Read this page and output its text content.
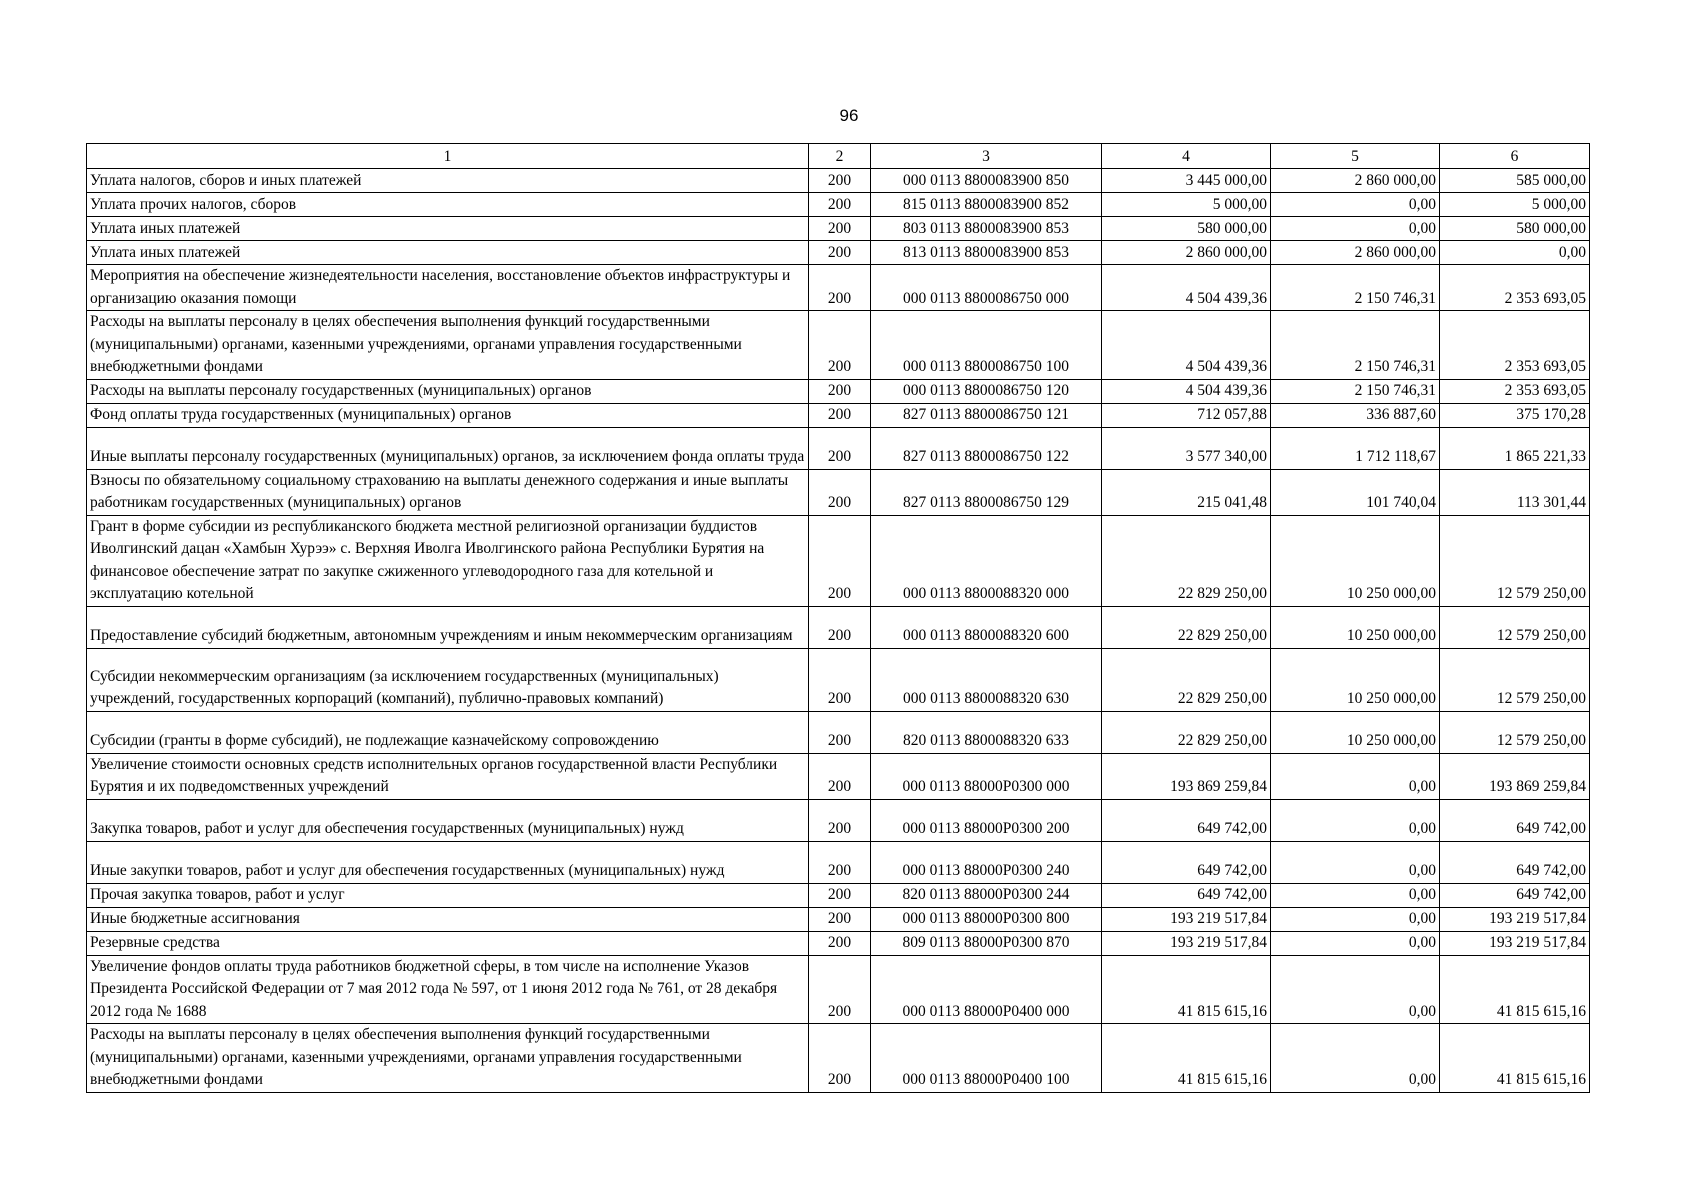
96
1	2	3	4	5	6
Уплата налогов, сборов и иных платежей	200	000 0113 8800083900 850	3 445 000,00	2 860 000,00	585 000,00
Уплата прочих налогов, сборов	200	815 0113 8800083900 852	5 000,00	0,00	5 000,00
Уплата иных платежей	200	803 0113 8800083900 853	580 000,00	0,00	580 000,00
Уплата иных платежей	200	813 0113 8800083900 853	2 860 000,00	2 860 000,00	0,00
Мероприятия на обеспечение жизнедеятельности населения, восстановление объектов инфраструктуры и организацию оказания помощи	200	000 0113 8800086750 000	4 504 439,36	2 150 746,31	2 353 693,05
Расходы на выплаты персоналу в целях обеспечения выполнения функций государственными (муниципальными) органами, казенными учреждениями, органами управления государственными внебюджетными фондами	200	000 0113 8800086750 100	4 504 439,36	2 150 746,31	2 353 693,05
Расходы на выплаты персоналу государственных (муниципальных) органов	200	000 0113 8800086750 120	4 504 439,36	2 150 746,31	2 353 693,05
Фонд оплаты труда государственных (муниципальных) органов	200	827 0113 8800086750 121	712 057,88	336 887,60	375 170,28
Иные выплаты персоналу государственных (муниципальных) органов, за исключением фонда оплаты труда	200	827 0113 8800086750 122	3 577 340,00	1 712 118,67	1 865 221,33
Взносы по обязательному социальному страхованию на выплаты денежного содержания и иные выплаты работникам государственных (муниципальных) органов	200	827 0113 8800086750 129	215 041,48	101 740,04	113 301,44
Грант в форме субсидии из республиканского бюджета местной религиозной организации буддистов Иволгинский дацан «Хамбын Хурээ» с. Верхняя Иволга Иволгинского района Республики Бурятия на финансовое обеспечение затрат по закупке сжиженного углеводородного газа для котельной и эксплуатацию котельной	200	000 0113 8800088320 000	22 829 250,00	10 250 000,00	12 579 250,00
Предоставление субсидий бюджетным, автономным учреждениям и иным некоммерческим организациям	200	000 0113 8800088320 600	22 829 250,00	10 250 000,00	12 579 250,00
Субсидии некоммерческим организациям (за исключением государственных (муниципальных) учреждений, государственных корпораций (компаний), публично-правовых компаний)	200	000 0113 8800088320 630	22 829 250,00	10 250 000,00	12 579 250,00
Субсидии (гранты в форме субсидий), не подлежащие казначейскому сопровождению	200	820 0113 8800088320 633	22 829 250,00	10 250 000,00	12 579 250,00
Увеличение стоимости основных средств исполнительных органов государственной власти Республики Бурятия и их подведомственных учреждений	200	000 0113 88000Р0300 000	193 869 259,84	0,00	193 869 259,84
Закупка товаров, работ и услуг для обеспечения государственных (муниципальных) нужд	200	000 0113 88000Р0300 200	649 742,00	0,00	649 742,00
Иные закупки товаров, работ и услуг для обеспечения государственных (муниципальных) нужд	200	000 0113 88000Р0300 240	649 742,00	0,00	649 742,00
Прочая закупка товаров, работ и услуг	200	820 0113 88000Р0300 244	649 742,00	0,00	649 742,00
Иные бюджетные ассигнования	200	000 0113 88000Р0300 800	193 219 517,84	0,00	193 219 517,84
Резервные средства	200	809 0113 88000Р0300 870	193 219 517,84	0,00	193 219 517,84
Увеличение фондов оплаты труда работников бюджетной сферы, в том числе на исполнение Указов Президента Российской Федерации от 7 мая 2012 года № 597, от 1 июня 2012 года № 761, от 28 декабря 2012 года № 1688	200	000 0113 88000Р0400 000	41 815 615,16	0,00	41 815 615,16
Расходы на выплаты персоналу в целях обеспечения выполнения функций государственными (муниципальными) органами, казенными учреждениями, органами управления государственными внебюджетными фондами	200	000 0113 88000Р0400 100	41 815 615,16	0,00	41 815 615,16
